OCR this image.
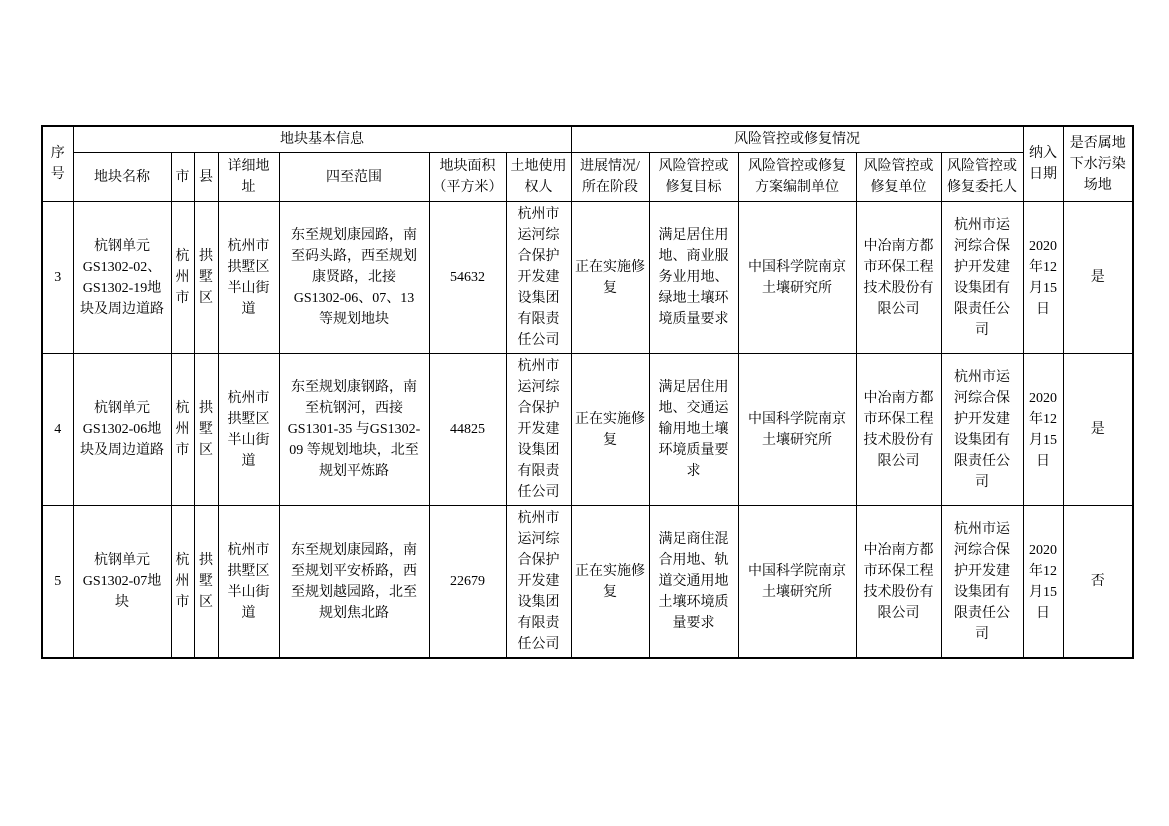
序号	地块基本信息							风险管控或修复情况					纳入日期	是否属地下水污染场地
	地块名称	市	县	详细地址	四至范围	地块面积（平方米）	土地使用权人	进展情况/所在阶段	风险管控或修复目标	风险管控或修复方案编制单位	风险管控或修复单位	风险管控或修复委托人		
3	杭钢单元GS1302-02、GS1302-19地块及周边道路	杭州市	拱墅区	杭州市拱墅区半山街道	东至规划康园路，南至码头路，西至规划康贤路，北接 GS1302-06、07、13 等规划地块	54632	杭州市运河综合保护开发建设集团有限责任公司	正在实施修复	满足居住用地、商业服务业用地、绿地土壤环境质量要求	中国科学院南京土壤研究所	中冶南方都市环保工程技术股份有限公司	杭州市运河综合保护开发建设集团有限责任公司	2020年12月15日	是
4	杭钢单元GS1302-06地块及周边道路	杭州市	拱墅区	杭州市拱墅区半山街道	东至规划康钢路，南至杭钢河，西接GS1301-35 与GS1302-09 等规划地块，北至规划平炼路	44825	杭州市运河综合保护开发建设集团有限责任公司	正在实施修复	满足居住用地、交通运输用地土壤环境质量要求	中国科学院南京土壤研究所	中冶南方都市环保工程技术股份有限公司	杭州市运河综合保护开发建设集团有限责任公司	2020年12月15日	是
5	杭钢单元GS1302-07地块	杭州市	拱墅区	杭州市拱墅区半山街道	东至规划康园路，南至规划平安桥路，西至规划越园路，北至规划焦北路	22679	杭州市运河综合保护开发建设集团有限责任公司	正在实施修复	满足商住混合用地、轨道交通用地土壤环境质量要求	中国科学院南京土壤研究所	中冶南方都市环保工程技术股份有限公司	杭州市运河综合保护开发建设集团有限责任公司	2020年12月15日	否
